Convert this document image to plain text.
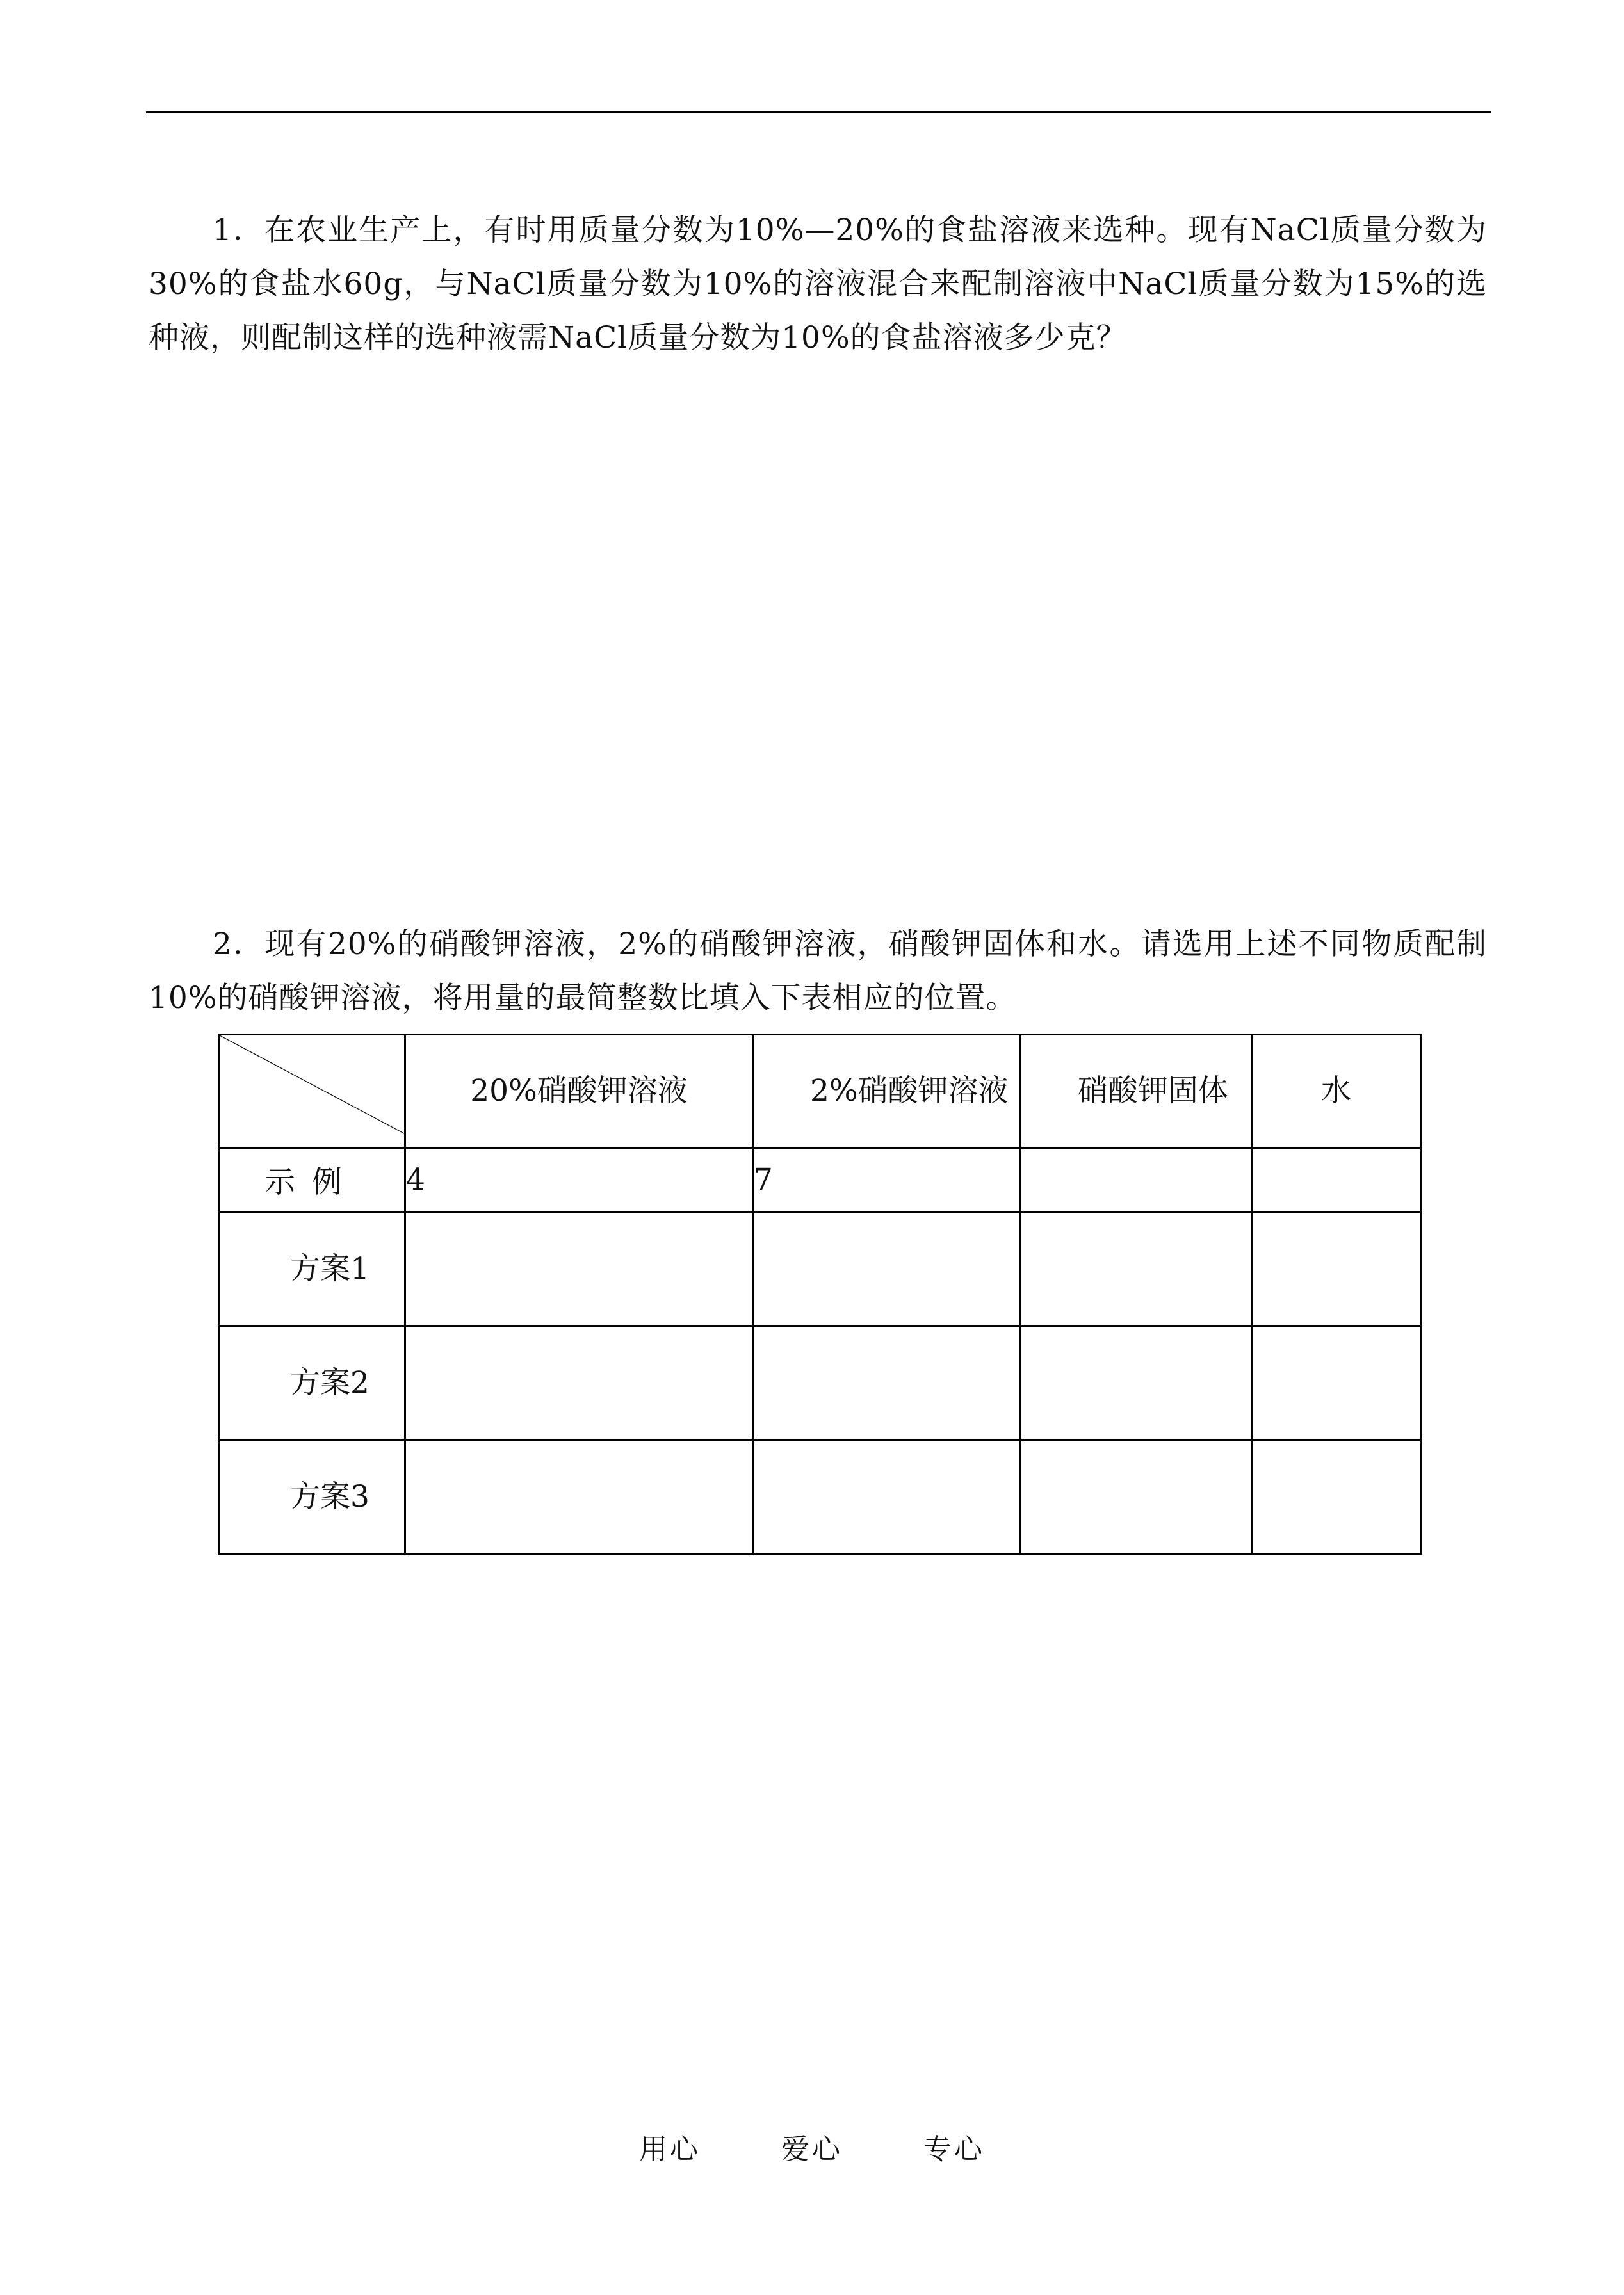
1．在农业生产上，有时用质量分数为10%—20%的食盐溶液来选种。现有NaCl质量分数为30%的食盐水60g，与NaCl质量分数为10%的溶液混合来配制溶液中NaCl质量分数为15%的选种液，则配制这样的选种液需NaCl质量分数为10%的食盐溶液多少克？

2．现有20%的硝酸钾溶液，2%的硝酸钾溶液，硝酸钾固体和水。请选用上述不同物质配制10%的硝酸钾溶液，将用量的最简整数比填入下表相应的位置。

	20%硝酸钾溶液	2%硝酸钾溶液	硝酸钾固体	水
示例	4	7		
方案1				
方案2				
方案3				
用心	爱心	专心
